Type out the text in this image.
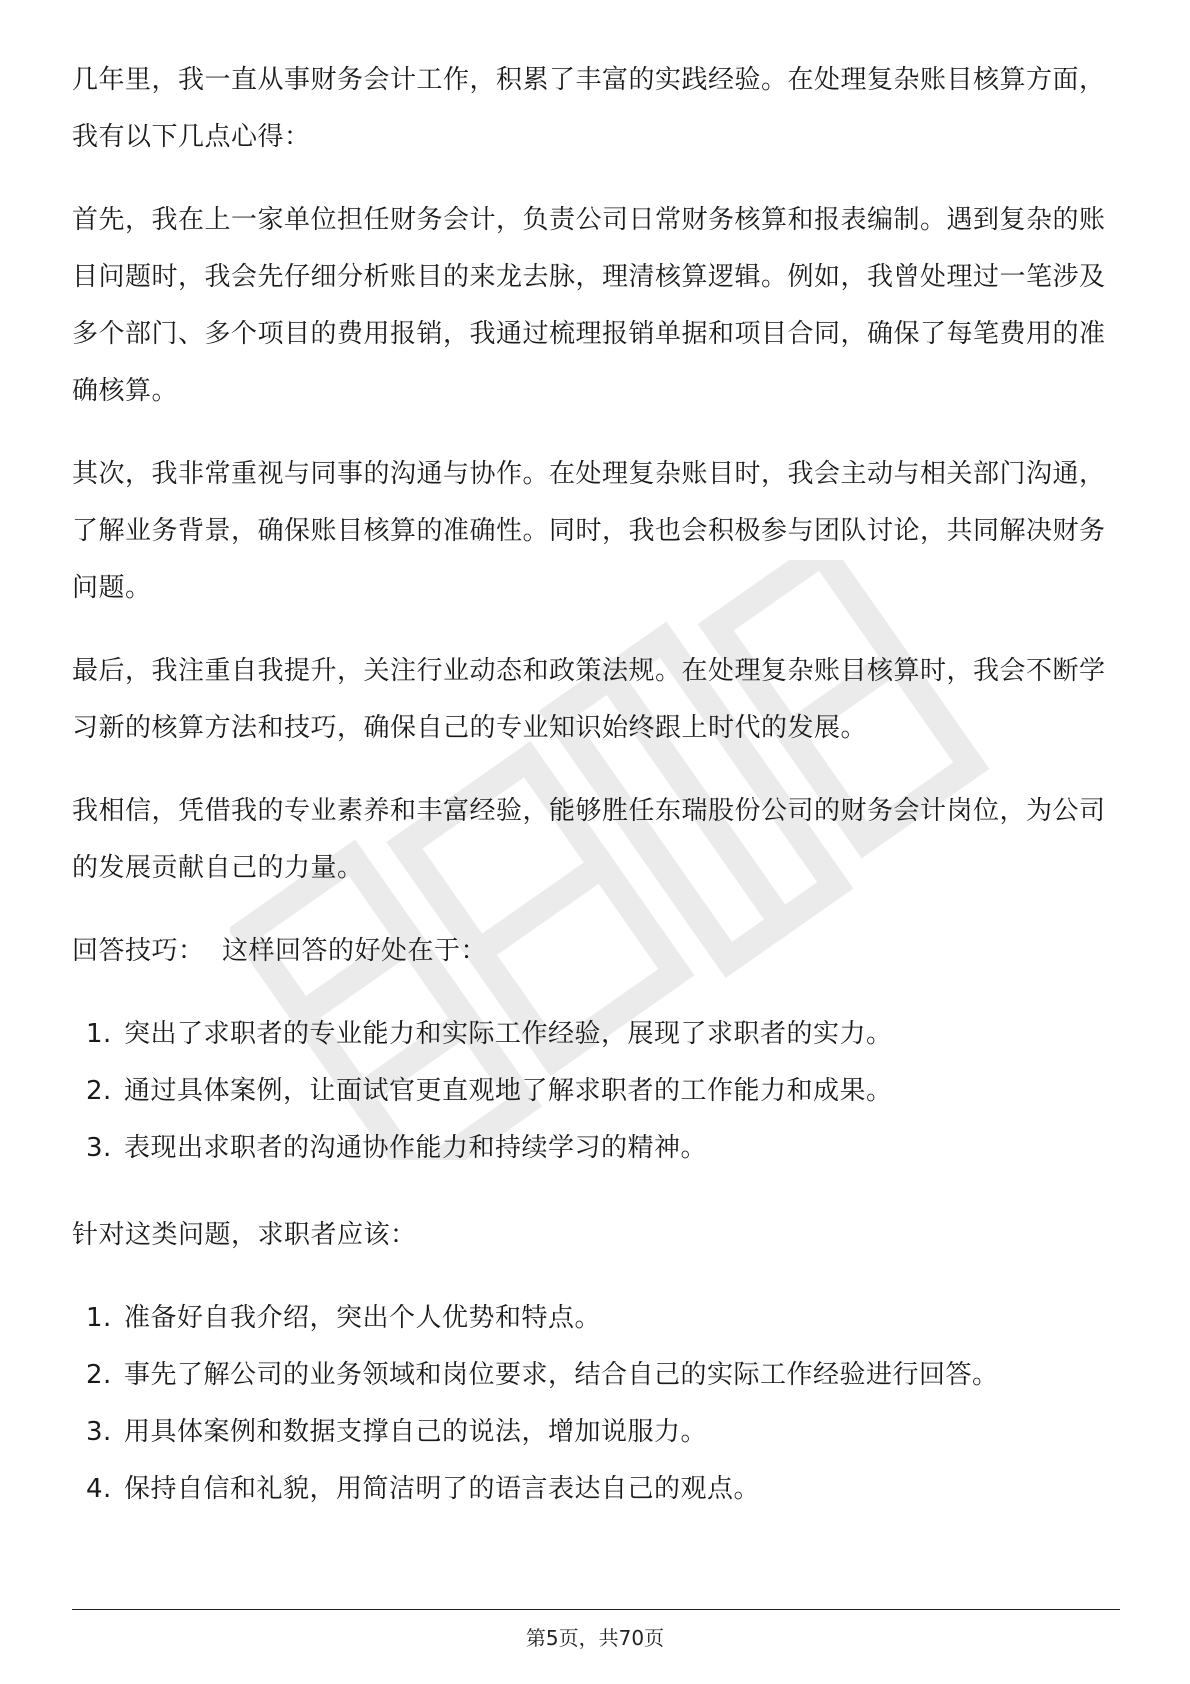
几年里，我一直从事财务会计工作，积累了丰富的实践经验。在处理复杂账目核算方面，我有以下几点心得：

首先，我在上一家单位担任财务会计，负责公司日常财务核算和报表编制。遇到复杂的账目问题时，我会先仔细分析账目的来龙去脉，理清核算逻辑。例如，我曾处理过一笔涉及多个部门、多个项目的费用报销，我通过梳理报销单据和项目合同，确保了每笔费用的准确核算。

其次，我非常重视与同事的沟通与协作。在处理复杂账目时，我会主动与相关部门沟通，了解业务背景，确保账目核算的准确性。同时，我也会积极参与团队讨论，共同解决财务问题。

最后，我注重自我提升，关注行业动态和政策法规。在处理复杂账目核算时，我会不断学习新的核算方法和技巧，确保自己的专业知识始终跟上时代的发展。

我相信，凭借我的专业素养和丰富经验，能够胜任东瑞股份公司的财务会计岗位，为公司的发展贡献自己的力量。

回答技巧：  这样回答的好处在于：

1. 突出了求职者的专业能力和实际工作经验，展现了求职者的实力。
2. 通过具体案例，让面试官更直观地了解求职者的工作能力和成果。
3. 表现出求职者的沟通协作能力和持续学习的精神。

针对这类问题，求职者应该：

1. 准备好自我介绍，突出个人优势和特点。
2. 事先了解公司的业务领域和岗位要求，结合自己的实际工作经验进行回答。
3. 用具体案例和数据支撑自己的说法，增加说服力。
4. 保持自信和礼貌，用简洁明了的语言表达自己的观点。
第5页，共70页
